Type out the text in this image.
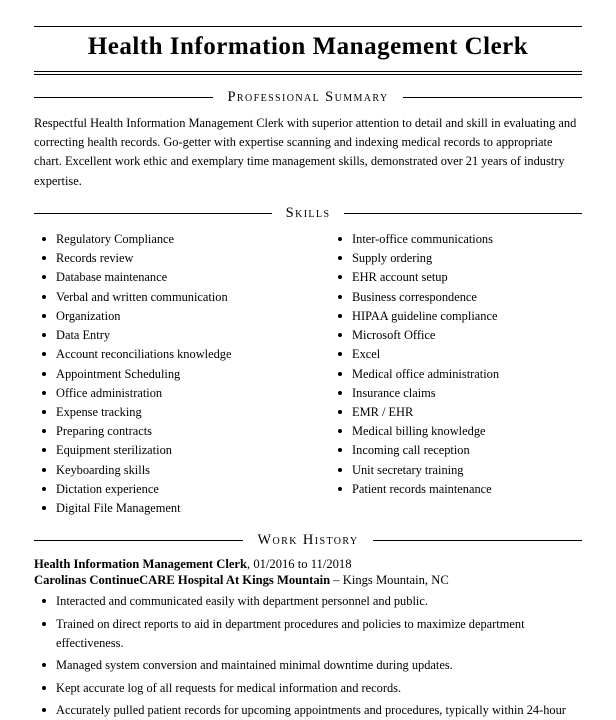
Health Information Management Clerk
Professional Summary

Respectful Health Information Management Clerk with superior attention to detail and skill in evaluating and correcting health records. Go-getter with expertise scanning and indexing medical records to appropriate chart. Excellent work ethic and exemplary time management skills, demonstrated over 21 years of industry expertise.

Skills
Regulatory Compliance
Records review
Database maintenance
Verbal and written communication
Organization
Data Entry
Account reconciliations knowledge
Appointment Scheduling
Office administration
Expense tracking
Preparing contracts
Equipment sterilization
Keyboarding skills
Dictation experience
Digital File Management
Inter-office communications
Supply ordering
EHR account setup
Business correspondence
HIPAA guideline compliance
Microsoft Office
Excel
Medical office administration
Insurance claims
EMR / EHR
Medical billing knowledge
Incoming call reception
Unit secretary training
Patient records maintenance
Work History
Health Information Management Clerk, 01/2016 to 11/2018
Carolinas ContinueCARE Hospital At Kings Mountain – Kings Mountain, NC
Interacted and communicated easily with department personnel and public.
Trained on direct reports to aid in department procedures and policies to maximize department effectiveness.
Managed system conversion and maintained minimal downtime during updates.
Kept accurate log of all requests for medical information and records.
Accurately pulled patient records for upcoming appointments and procedures, typically within 24-hour
